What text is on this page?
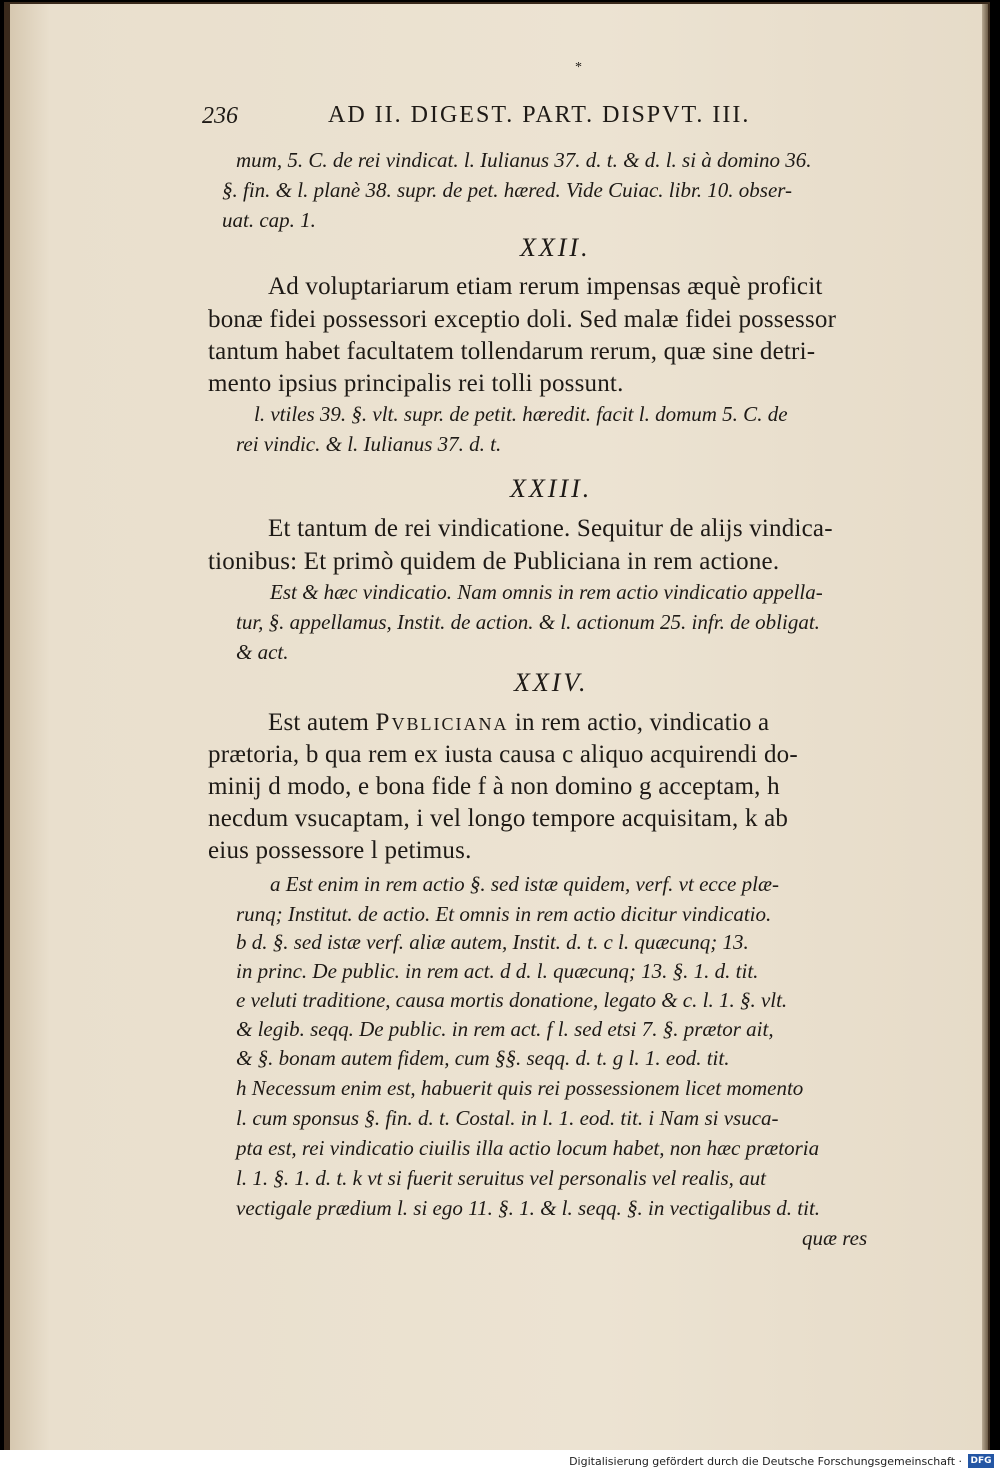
*

236	AD II. DIGEST. PART. DISPVT. III.

mum, 5. C. de rei vindicat. l. Iulianus 37. d. t. & d. l. si à domino 36.

§. fin. & l. planè 38. supr. de pet. hæred. Vide Cuiac. libr. 10. obser-

uat. cap. 1.

XXII.

Ad voluptariarum etiam rerum impensas æquè proficit

bonæ fidei possessori exceptio doli. Sed malæ fidei possessor

tantum habet facultatem tollendarum rerum, quæ sine detri-

mento ipsius principalis rei tolli possunt.

l. vtiles 39. §. vlt. supr. de petit. hæredit. facit l. domum 5. C. de

rei vindic. & l. Iulianus 37. d. t.

XXIII.

Et tantum de rei vindicatione. Sequitur de alijs vindica-

tionibus: Et primò quidem de Publiciana in rem actione.

Est & hæc vindicatio. Nam omnis in rem actio vindicatio appella-

tur, §. appellamus, Instit. de action. & l. actionum 25. infr. de obligat.

& act.

XXIV.

Est autem Pvbliciana in rem actio, vindicatio a

prætoria, b qua rem ex iusta causa c aliquo acquirendi do-

minij d modo, e bona fide f à non domino g acceptam, h

necdum vsucaptam, i vel longo tempore acquisitam, k ab

eius possessore l petimus.

a Est enim in rem actio §. sed istæ quidem, verf. vt ecce plæ-

runq; Institut. de actio. Et omnis in rem actio dicitur vindicatio.

b d. §. sed istæ verf. aliæ autem, Instit. d. t. c l. quæcunq; 13.

in princ. De public. in rem act. d d. l. quæcunq; 13. §. 1. d. tit.

e veluti traditione, causa mortis donatione, legato & c. l. 1. §. vlt.

& legib. seqq. De public. in rem act. f l. sed etsi 7. §. prætor ait,

& §. bonam autem fidem, cum §§. seqq. d. t. g l. 1. eod. tit.

h Necessum enim est, habuerit quis rei possessionem licet momento

l. cum sponsus §. fin. d. t. Costal. in l. 1. eod. tit. i Nam si vsuca-

pta est, rei vindicatio ciuilis illa actio locum habet, non hæc prætoria

l. 1. §. 1. d. t. k vt si fuerit seruitus vel personalis vel realis, aut

vectigale prædium l. si ego 11. §. 1. & l. seqq. §. in vectigalibus d. tit.

quæ res

Digitalisierung gefördert durch die Deutsche Forschungsgemeinschaft · DFG
